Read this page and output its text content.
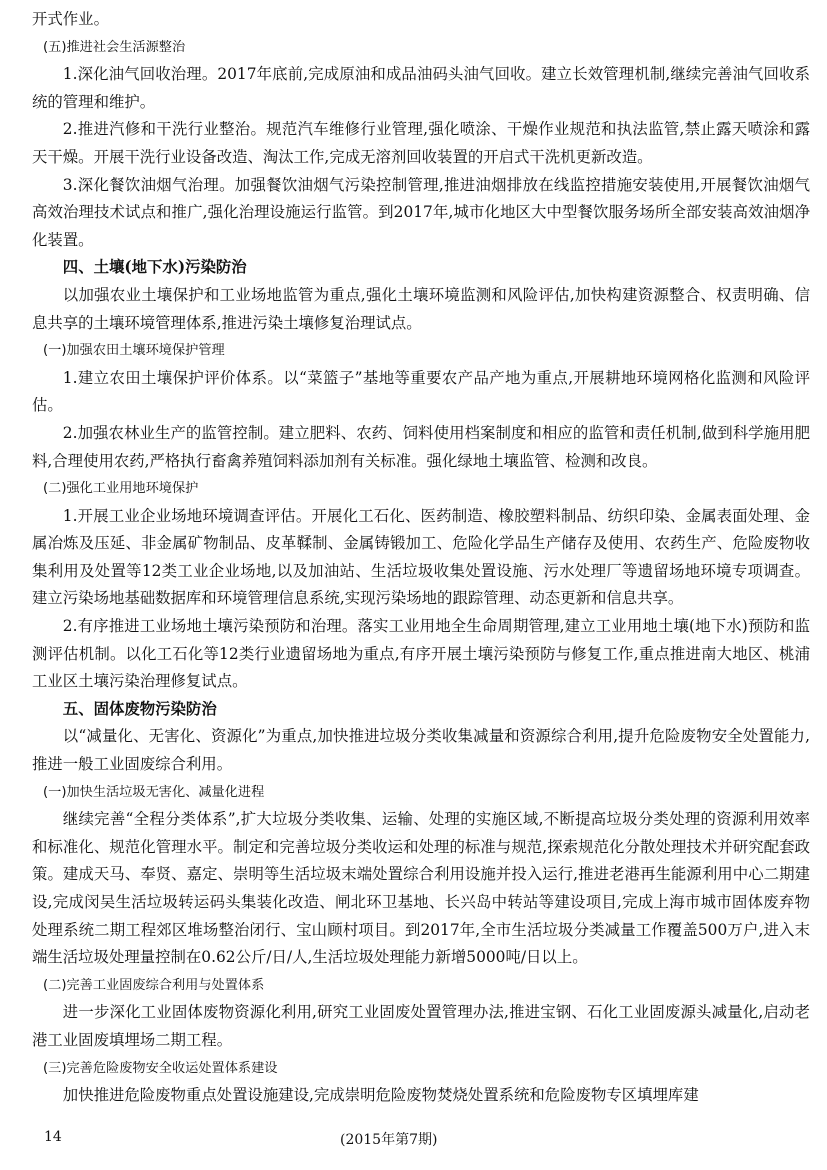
开式作业。

(五)推进社会生活源整治

1.深化油气回收治理。2017年底前,完成原油和成品油码头油气回收。建立长效管理机制,继续完善油气回收系统的管理和维护。

2.推进汽修和干洗行业整治。规范汽车维修行业管理,强化喷涂、干燥作业规范和执法监管,禁止露天喷涂和露天干燥。开展干洗行业设备改造、淘汰工作,完成无溶剂回收装置的开启式干洗机更新改造。

3.深化餐饮油烟气治理。加强餐饮油烟气污染控制管理,推进油烟排放在线监控措施安装使用,开展餐饮油烟气高效治理技术试点和推广,强化治理设施运行监管。到2017年,城市化地区大中型餐饮服务场所全部安装高效油烟净化装置。

四、土壤(地下水)污染防治

以加强农业土壤保护和工业场地监管为重点,强化土壤环境监测和风险评估,加快构建资源整合、权责明确、信息共享的土壤环境管理体系,推进污染土壤修复治理试点。

(一)加强农田土壤环境保护管理

1.建立农田土壤保护评价体系。以“菜篮子”基地等重要农产品产地为重点,开展耕地环境网格化监测和风险评估。

2.加强农林业生产的监管控制。建立肥料、农药、饲料使用档案制度和相应的监管和责任机制,做到科学施用肥料,合理使用农药,严格执行畜禽养殖饲料添加剂有关标准。强化绿地土壤监管、检测和改良。

(二)强化工业用地环境保护

1.开展工业企业场地环境调查评估。开展化工石化、医药制造、橡胶塑料制品、纺织印染、金属表面处理、金属冶炼及压延、非金属矿物制品、皮革鞣制、金属铸锻加工、危险化学品生产储存及使用、农药生产、危险废物收集利用及处置等12类工业企业场地,以及加油站、生活垃圾收集处置设施、污水处理厂等遗留场地环境专项调查。建立污染场地基础数据库和环境管理信息系统,实现污染场地的跟踪管理、动态更新和信息共享。

2.有序推进工业场地土壤污染预防和治理。落实工业用地全生命周期管理,建立工业用地土壤(地下水)预防和监测评估机制。以化工石化等12类行业遗留场地为重点,有序开展土壤污染预防与修复工作,重点推进南大地区、桃浦工业区土壤污染治理修复试点。

五、固体废物污染防治

以“减量化、无害化、资源化”为重点,加快推进垃圾分类收集减量和资源综合利用,提升危险废物安全处置能力,推进一般工业固废综合利用。

(一)加快生活垃圾无害化、减量化进程

继续完善“全程分类体系”,扩大垃圾分类收集、运输、处理的实施区域,不断提高垃圾分类处理的资源利用效率和标准化、规范化管理水平。制定和完善垃圾分类收运和处理的标准与规范,探索规范化分散处理技术并研究配套政策。建成天马、奉贤、嘉定、崇明等生活垃圾末端处置综合利用设施并投入运行,推进老港再生能源利用中心二期建设,完成闵吴生活垃圾转运码头集装化改造、闸北环卫基地、长兴岛中转站等建设项目,完成上海市城市固体废弃物处理系统二期工程郊区堆场整治闭行、宝山顾村项目。到2017年,全市生活垃圾分类减量工作覆盖500万户,进入末端生活垃圾处理量控制在0.62公斤/日/人,生活垃圾处理能力新增5000吨/日以上。

(二)完善工业固废综合利用与处置体系

进一步深化工业固体废物资源化利用,研究工业固废处置管理办法,推进宝钢、石化工业固废源头减量化,启动老港工业固废填埋场二期工程。

(三)完善危险废物安全收运处置体系建设

加快推进危险废物重点处置设施建设,完成崇明危险废物焚烧处置系统和危险废物专区填埋库建

14	(2015年第7期)
